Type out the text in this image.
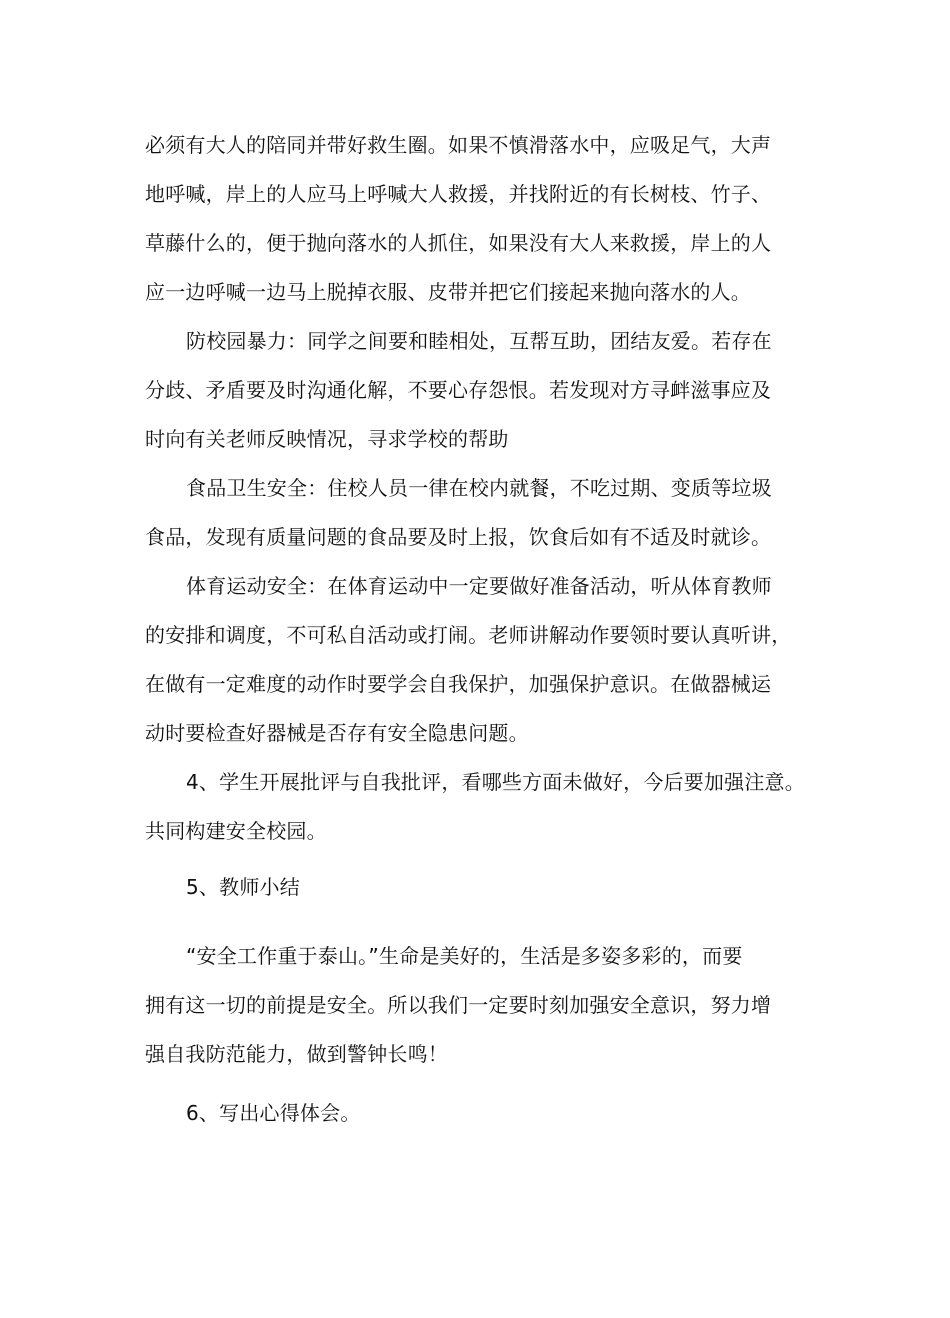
必须有大人的陪同并带好救生圈。如果不慎滑落水中，应吸足气，大声
地呼喊，岸上的人应马上呼喊大人救援，并找附近的有长树枝、竹子、
草藤什么的，便于抛向落水的人抓住，如果没有大人来救援，岸上的人
应一边呼喊一边马上脱掉衣服、皮带并把它们接起来抛向落水的人。
防校园暴力：同学之间要和睦相处，互帮互助，团结友爱。若存在
分歧、矛盾要及时沟通化解，不要心存怨恨。若发现对方寻衅滋事应及
时向有关老师反映情况，寻求学校的帮助
食品卫生安全：住校人员一律在校内就餐，不吃过期、变质等垃圾
食品，发现有质量问题的食品要及时上报，饮食后如有不适及时就诊。
体育运动安全：在体育运动中一定要做好准备活动，听从体育教师
的安排和调度，不可私自活动或打闹。老师讲解动作要领时要认真听讲，
在做有一定难度的动作时要学会自我保护，加强保护意识。在做器械运
动时要检查好器械是否存有安全隐患问题。
4、学生开展批评与自我批评，看哪些方面未做好，今后要加强注意。
共同构建安全校园。
5、教师小结
“安全工作重于泰山。”生命是美好的，生活是多姿多彩的，而要
拥有这一切的前提是安全。所以我们一定要时刻加强安全意识，努力增
强自我防范能力，做到警钟长鸣！
6、写出心得体会。
